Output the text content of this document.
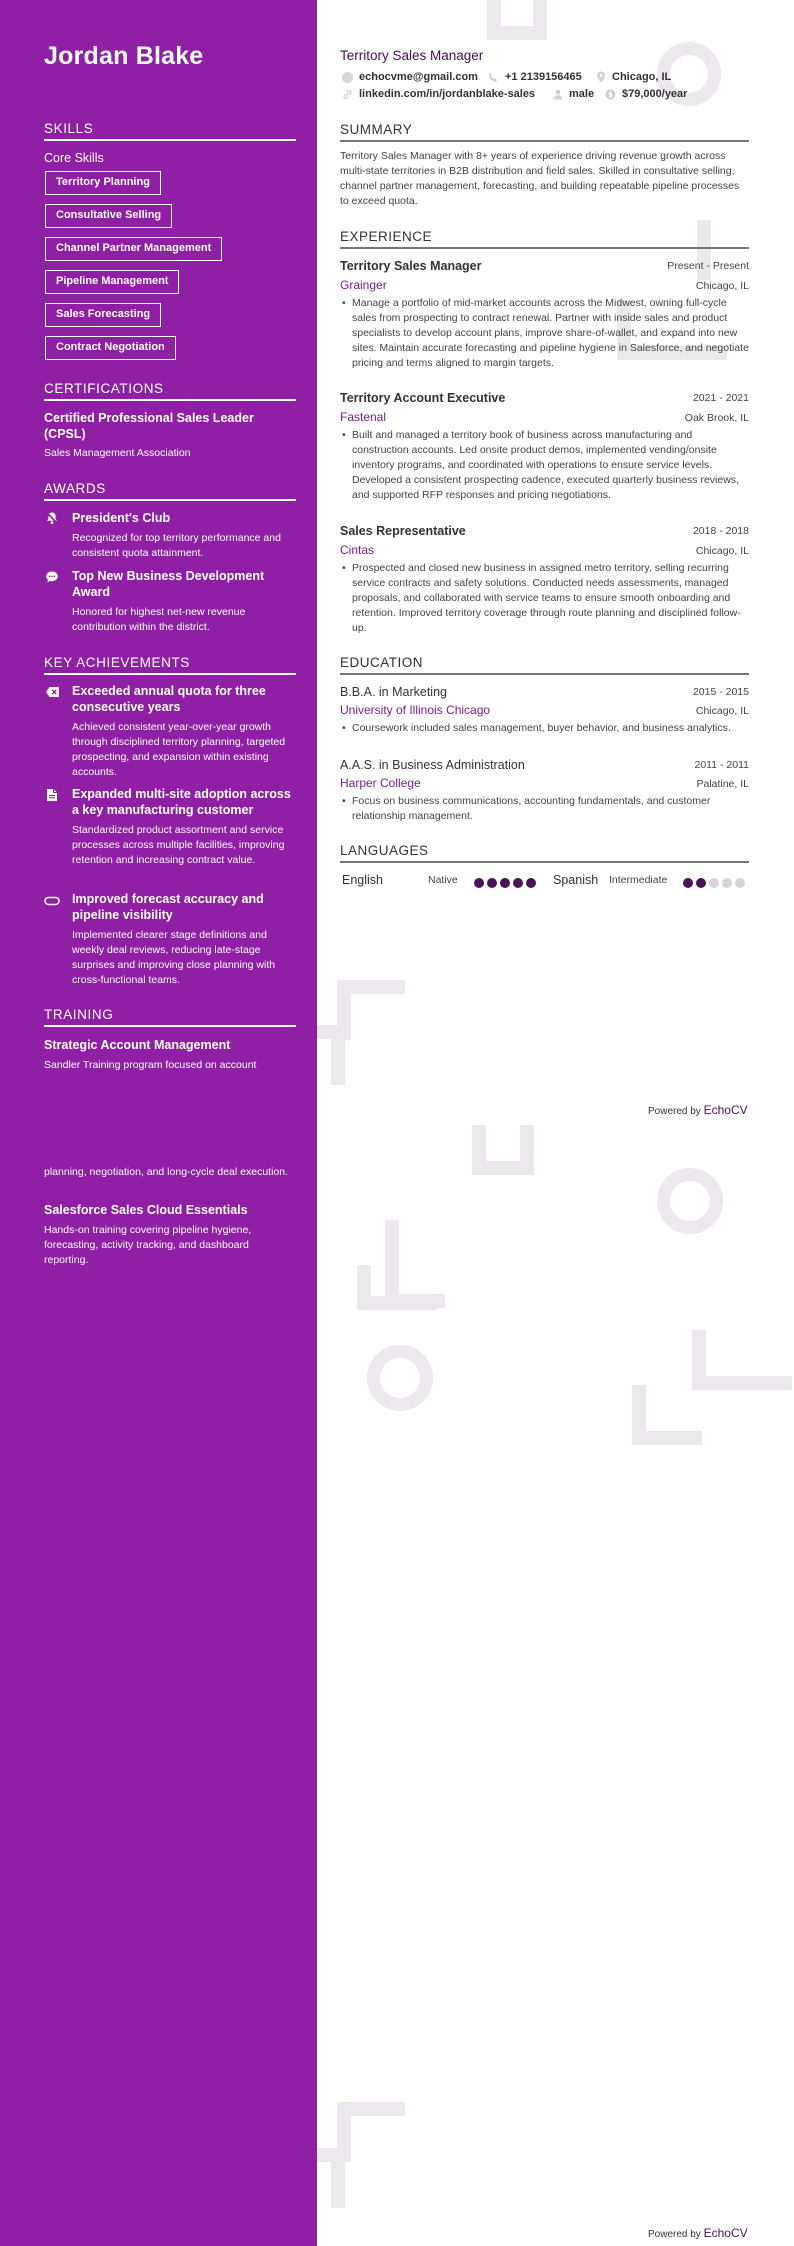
Jordan Blake
SKILLS
Core Skills
Territory Planning
Consultative Selling
Channel Partner Management
Pipeline Management
Sales Forecasting
Contract Negotiation
CERTIFICATIONS
Certified Professional Sales Leader (CPSL)
Sales Management Association
AWARDS
President's Club
Recognized for top territory performance and consistent quota attainment.
Top New Business Development Award
Honored for highest net-new revenue contribution within the district.
KEY ACHIEVEMENTS
Exceeded annual quota for three consecutive years
Achieved consistent year-over-year growth through disciplined territory planning, targeted prospecting, and expansion within existing accounts.
Expanded multi-site adoption across a key manufacturing customer
Standardized product assortment and service processes across multiple facilities, improving retention and increasing contract value.
Improved forecast accuracy and pipeline visibility
Implemented clearer stage definitions and weekly deal reviews, reducing late-stage surprises and improving close planning with cross-functional teams.
TRAINING
Strategic Account Management
Sandler Training program focused on account
planning, negotiation, and long-cycle deal execution.
Salesforce Sales Cloud Essentials
Hands-on training covering pipeline hygiene, forecasting, activity tracking, and dashboard reporting.
Territory Sales Manager
echocvme@gmail.com +1 2139156465	Chicago, IL
linkedin.com/in/jordanblake-sales	male $ $79,000/year
SUMMARY
Territory Sales Manager with 8+ years of experience driving revenue growth across multi-state territories in B2B distribution and field sales. Skilled in consultative selling, channel partner management, forecasting, and building repeatable pipeline processes to exceed quota.
EXPERIENCE
Territory Sales Manager	Present - Present
Grainger	Chicago, IL
• Manage a portfolio of mid-market accounts across the Midwest, owning full-cycle sales from prospecting to contract renewal. Partner with inside sales and product specialists to develop account plans, improve share-of-wallet, and expand into new sites. Maintain accurate forecasting and pipeline hygiene in Salesforce, and negotiate pricing and terms aligned to margin targets.
Territory Account Executive	2021 - 2021
Fastenal	Oak Brook, IL
• Built and managed a territory book of business across manufacturing and construction accounts. Led onsite product demos, implemented vending/onsite inventory programs, and coordinated with operations to ensure service levels. Developed a consistent prospecting cadence, executed quarterly business reviews, and supported RFP responses and pricing negotiations.
Sales Representative	2018 - 2018
Cintas	Chicago, IL
• Prospected and closed new business in assigned metro territory, selling recurring service contracts and safety solutions. Conducted needs assessments, managed proposals, and collaborated with service teams to ensure smooth onboarding and retention. Improved territory coverage through route planning and disciplined follow-up.
EDUCATION
B.B.A. in Marketing	2015 - 2015
University of Illinois Chicago	Chicago, IL
• Coursework included sales management, buyer behavior, and business analytics.
A.A.S. in Business Administration	2011 - 2011
Harper College	Palatine, IL
• Focus on business communications, accounting fundamentals, and customer relationship management.
LANGUAGES
English	Native	Spanish Intermediate
Powered by EchoCV
Powered by EchoCV
